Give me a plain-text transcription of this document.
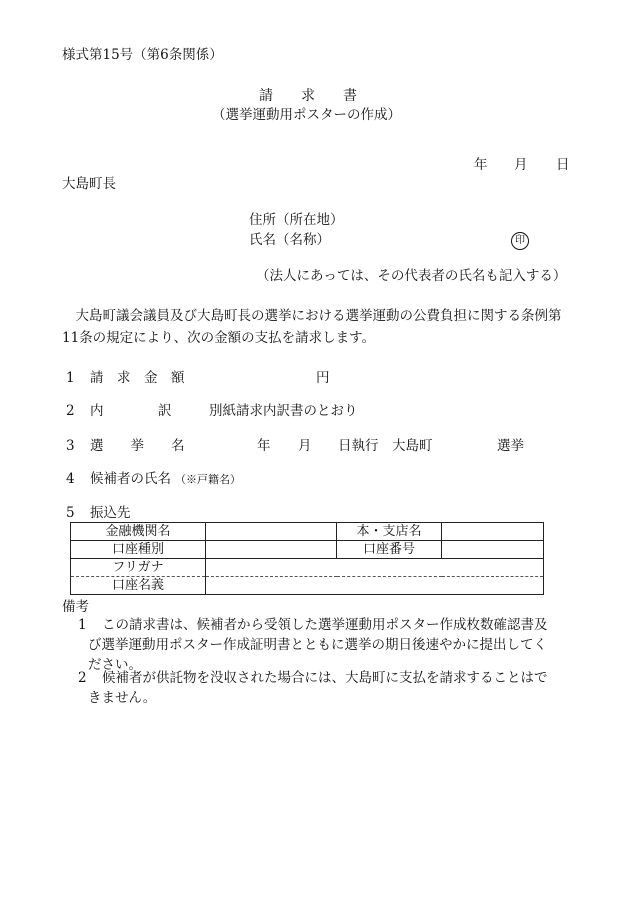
様式第15号（第6条関係）
請　　求　　書
（選挙運動用ポスターの作成）
年 月 日
大島町長
住所（所在地）
氏名（名称）	印
（法人にあっては、その代表者の氏名も記入する）
　大島町議会議員及び大島町長の選挙における選挙運動の公費負担に関する条例第11条の規定により、次の金額の支払を請求します。
1 請　求　金　額	円
2 内	訳	別紙請求内訳書のとおり
3 選　　挙　　名	年 月 日執行　大島町	選挙
4 候補者の氏名 （※戸籍名）
5 振込先
金融機関名		本・支店名	
口座種別		口座番号	
フリガナ			
口座名義			
備考
1	この請求書は、候補者から受領した選挙運動用ポスター作成枚数確認書及び選挙運動用ポスター作成証明書とともに選挙の期日後速やかに提出してください。
2	候補者が供託物を没収された場合には、大島町に支払を請求することはできません。
